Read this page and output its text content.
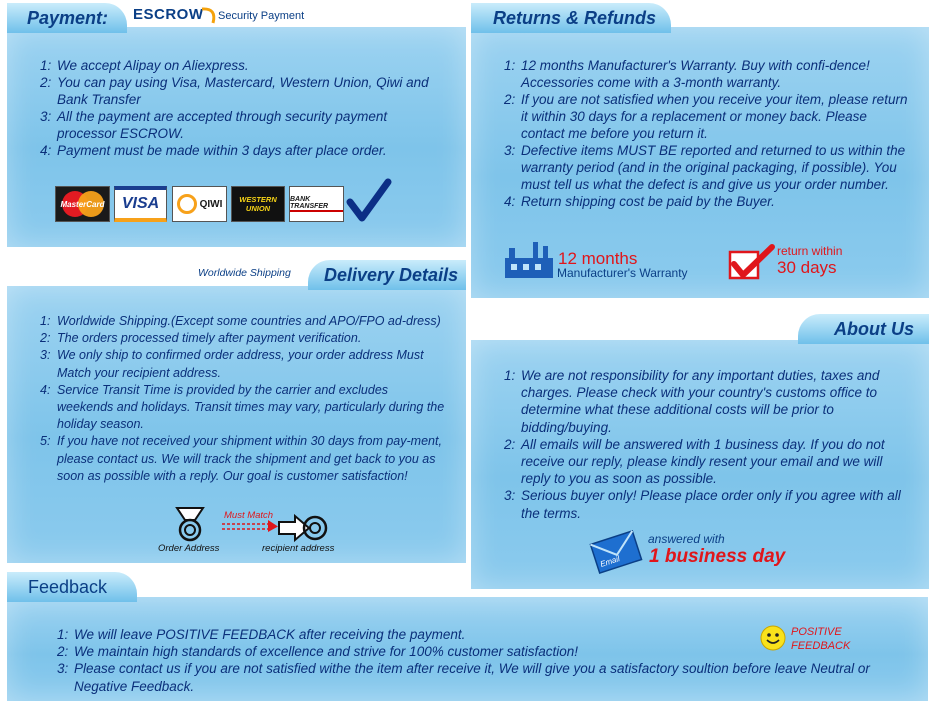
Payment:	ESCROW	Security Payment
1: We accept Alipay on Aliexpress.
2: You can pay using Visa, Mastercard, Western Union, Qiwi and Bank Transfer
3: All the payment are accepted through security payment processor ESCROW.
4: Payment must be made within 3 days after place order.
MasterCard VISA	QIWI WESTERN UNION
BANK TRANSFER
Returns & Refunds
1: 12 months Manufacturer's Warranty. Buy with confi-dence! Accessories come with a 3-month warranty.
2: If you are not satisfied when you receive your item, please return it within 30 days for a replacement or money back. Please contact me before you return it.
3: Defective items MUST BE reported and returned to us within the warranty period (and in the original packaging, if possible). You must tell us what the defect is and give us your order number.
4: Return shipping cost be paid by the Buyer.
12 months
Manufacturer's Warranty
return within
30 days
Delivery Details
Worldwide Shipping
1: Worldwide Shipping.(Except some countries and APO/FPO ad-dress)
2: The orders processed timely after payment verification.
3: We only ship to confirmed order address, your order address Must Match your recipient address.
4: Service Transit Time is provided by the carrier and excludes weekends and holidays. Transit times may vary, particularly during the holiday season.
5: If you have not received your shipment within 30 days from pay-ment, please contact us. We will track the shipment and get back to you as soon as possible with a reply. Our goal is customer satisfaction!
Order Address
Must Match
recipient address
About Us
1: We are not responsibility for any important duties, taxes and charges. Please check with your country's customs office to determine what these additional costs will be prior to bidding/buying.
2: All emails will be answered with 1 business day. If you do not receive our reply, please kindly resent your email and we will reply to you as soon as possible.
3: Serious buyer only! Please place order only if you agree with all the terms.
Email
answered with
1 business day
Feedback
1: We will leave POSITIVE FEEDBACK after receiving the payment.
2: We maintain high standards of excellence and strive for 100% customer satisfaction!
3: Please contact us if you are not satisfied withe the item after receive it, We will give you a satisfactory soultion before leave Neutral or Negative Feedback.
POSITIVE
FEEDBACK
